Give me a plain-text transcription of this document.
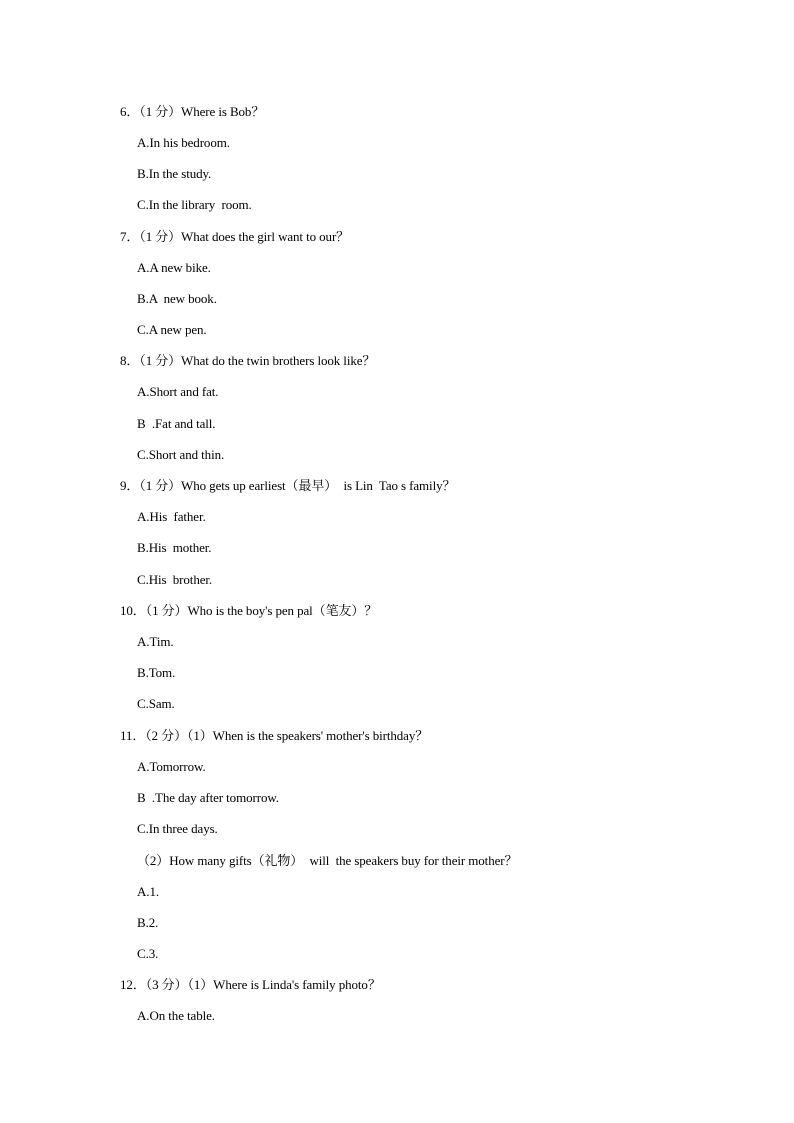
6．（1 分）Where is Bob？
A.In his bedroom.
B.In the study.
C.In the library  room.
7．（1 分）What does the girl want to our？
A.A new bike.
B.A  new book.
C.A new pen.
8．（1 分）What do the twin brothers look like？
A.Short and fat.
B  .Fat and tall.
C.Short and thin.
9．（1 分）Who gets up earliest（最早）  is Lin  Tao s family？
A.His  father.
B.His  mother.
C.His  brother.
10．（1 分）Who is the boy's pen pal（笔友）？
A.Tim.
B.Tom.
C.Sam.
11．（2 分）（1）When is the speakers' mother's birthday？
A.Tomorrow.
B  .The day after tomorrow.
C.In three days.
（2）How many gifts（礼物）  will  the speakers buy for their mother？
A.1.
B.2.
C.3.
12．（3 分）（1）Where is Linda's family photo？
A.On the table.
